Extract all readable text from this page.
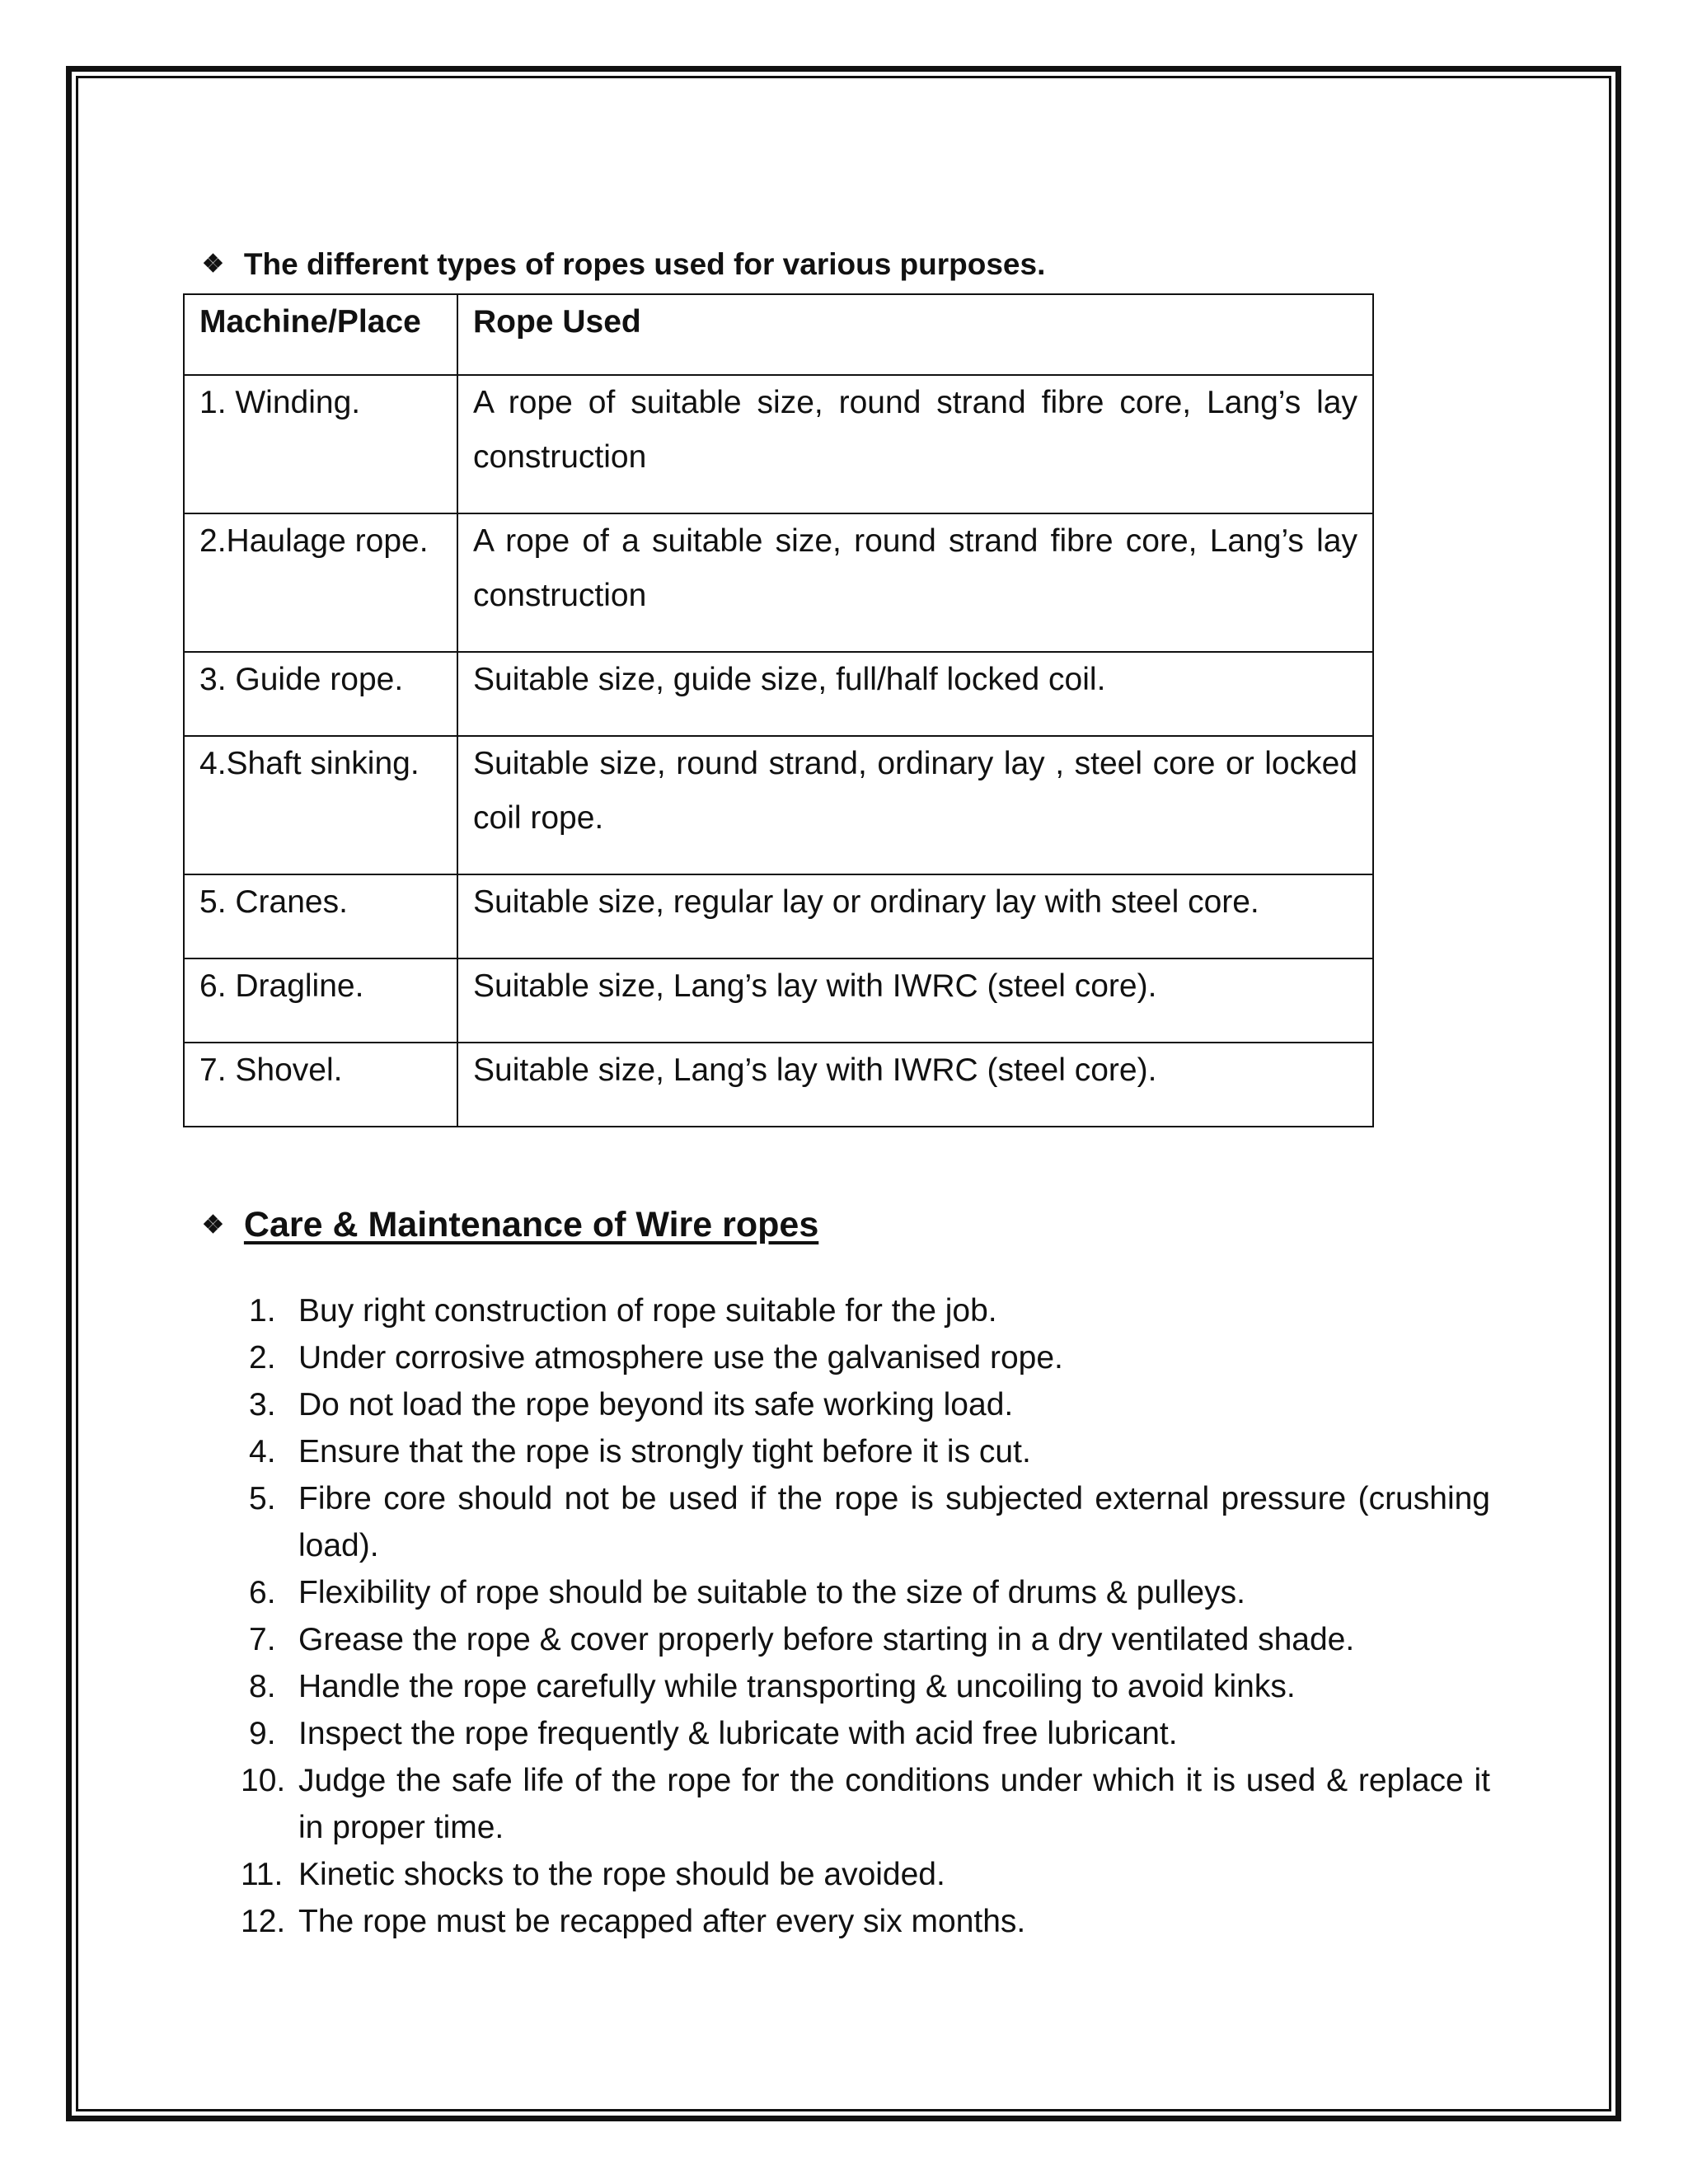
❖ The different types of ropes used for various purposes.
Machine/Place	Rope Used
1. Winding.	A rope of suitable size, round strand fibre core, Lang’s lay construction
2.Haulage rope.	A rope of a suitable size, round strand fibre core, Lang’s lay construction
3. Guide rope.	Suitable size, guide size, full/half locked coil.
4.Shaft sinking.	Suitable size, round strand, ordinary lay , steel core or locked coil rope.
5. Cranes.	Suitable size, regular lay or ordinary lay with steel core.
6. Dragline.	Suitable size, Lang’s lay with IWRC (steel core).
7. Shovel.	Suitable size, Lang’s lay with IWRC (steel core).
❖ Care & Maintenance of Wire ropes
1. Buy right construction of rope suitable for the job.
2. Under corrosive atmosphere use the galvanised rope.
3. Do not load the rope beyond its safe working load.
4. Ensure that the rope is strongly tight before it is cut.
5. Fibre core should not be used if the rope is subjected external pressure (crushing load).
6. Flexibility of rope should be suitable to the size of drums & pulleys.
7. Grease the rope & cover properly before starting in a dry ventilated shade.
8. Handle the rope carefully while transporting & uncoiling to avoid kinks.
9. Inspect the rope frequently & lubricate with acid free lubricant.
10. Judge the safe life of the rope for the conditions under which it is used & replace it in proper time.
11. Kinetic shocks to the rope should be avoided.
12. The rope must be recapped after every six months.
